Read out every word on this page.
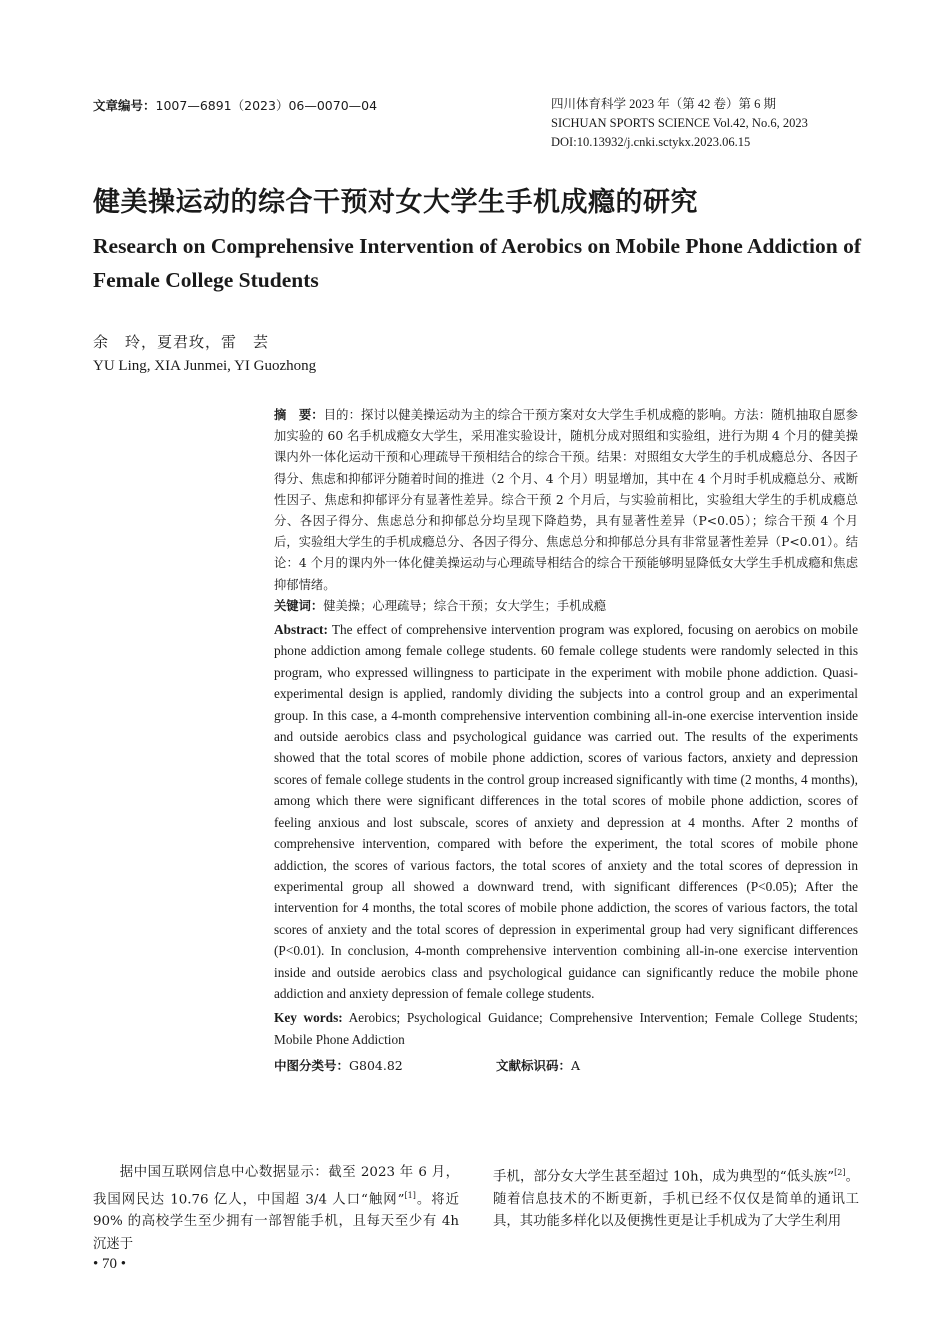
文章编号：1007—6891（2023）06—0070—04	四川体育科学 2023 年（第 42 卷）第 6 期
SICHUAN SPORTS SCIENCE Vol.42, No.6, 2023
DOI:10.13932/j.cnki.sctykx.2023.06.15
健美操运动的综合干预对女大学生手机成瘾的研究
Research on Comprehensive Intervention of Aerobics on Mobile Phone Addiction of Female College Students
余　玲，夏君玫，雷　芸
YU Ling, XIA Junmei, YI Guozhong

摘　要：目的：探讨以健美操运动为主的综合干预方案对女大学生手机成瘾的影响。方法：随机抽取自愿参加实验的 60 名手机成瘾女大学生，采用准实验设计，随机分成对照组和实验组，进行为期 4 个月的健美操课内外一体化运动干预和心理疏导干预相结合的综合干预。结果：对照组女大学生的手机成瘾总分、各因子得分、焦虑和抑郁评分随着时间的推进（2 个月、4 个月）明显增加，其中在 4 个月时手机成瘾总分、戒断性因子、焦虑和抑郁评分有显著性差异。综合干预 2 个月后，与实验前相比，实验组大学生的手机成瘾总分、各因子得分、焦虑总分和抑郁总分均呈现下降趋势，具有显著性差异（P<0.05）；综合干预 4 个月后，实验组大学生的手机成瘾总分、各因子得分、焦虑总分和抑郁总分具有非常显著性差异（P<0.01）。结论：4 个月的课内外一体化健美操运动与心理疏导相结合的综合干预能够明显降低女大学生手机成瘾和焦虑抑郁情绪。

关键词：健美操；心理疏导；综合干预；女大学生；手机成瘾

Abstract: The effect of comprehensive intervention program was explored, focusing on aerobics on mobile phone addiction among female college students. 60 female college students were randomly selected in this program, who expressed willingness to participate in the experiment with mobile phone addiction. Quasi-experimental design is applied, randomly dividing the subjects into a control group and an experimental group. In this case, a 4-month comprehensive intervention combining all-in-one exercise intervention inside and outside aerobics class and psychological guidance was carried out. The results of the experiments showed that the total scores of mobile phone addiction, scores of various factors, anxiety and depression scores of female college students in the control group increased significantly with time (2 months, 4 months), among which there were significant differences in the total scores of mobile phone addiction, scores of feeling anxious and lost subscale, scores of anxiety and depression at 4 months. After 2 months of comprehensive intervention, compared with before the experiment, the total scores of mobile phone addiction, the scores of various factors, the total scores of anxiety and the total scores of depression in experimental group all showed a downward trend, with significant differences (P<0.05); After the intervention for 4 months, the total scores of mobile phone addiction, the scores of various factors, the total scores of anxiety and the total scores of depression in experimental group had very significant differences (P<0.01). In conclusion, 4-month comprehensive intervention combining all-in-one exercise intervention inside and outside aerobics class and psychological guidance can significantly reduce the mobile phone addiction and anxiety depression of female college students.

Key words: Aerobics; Psychological Guidance; Comprehensive Intervention; Female College Students; Mobile Phone Addiction

中图分类号：G804.82	文献标识码：A
据中国互联网信息中心数据显示：截至 2023 年 6 月，我国网民达 10.76 亿人，中国超 3/4 人口“触网”[1]。将近 90% 的高校学生至少拥有一部智能手机，且每天至少有 4h 沉迷于
手机，部分女大学生甚至超过 10h，成为典型的“低头族”[2]。随着信息技术的不断更新，手机已经不仅仅是简单的通讯工具，其功能多样化以及便携性更是让手机成为了大学生利用
• 70 •
